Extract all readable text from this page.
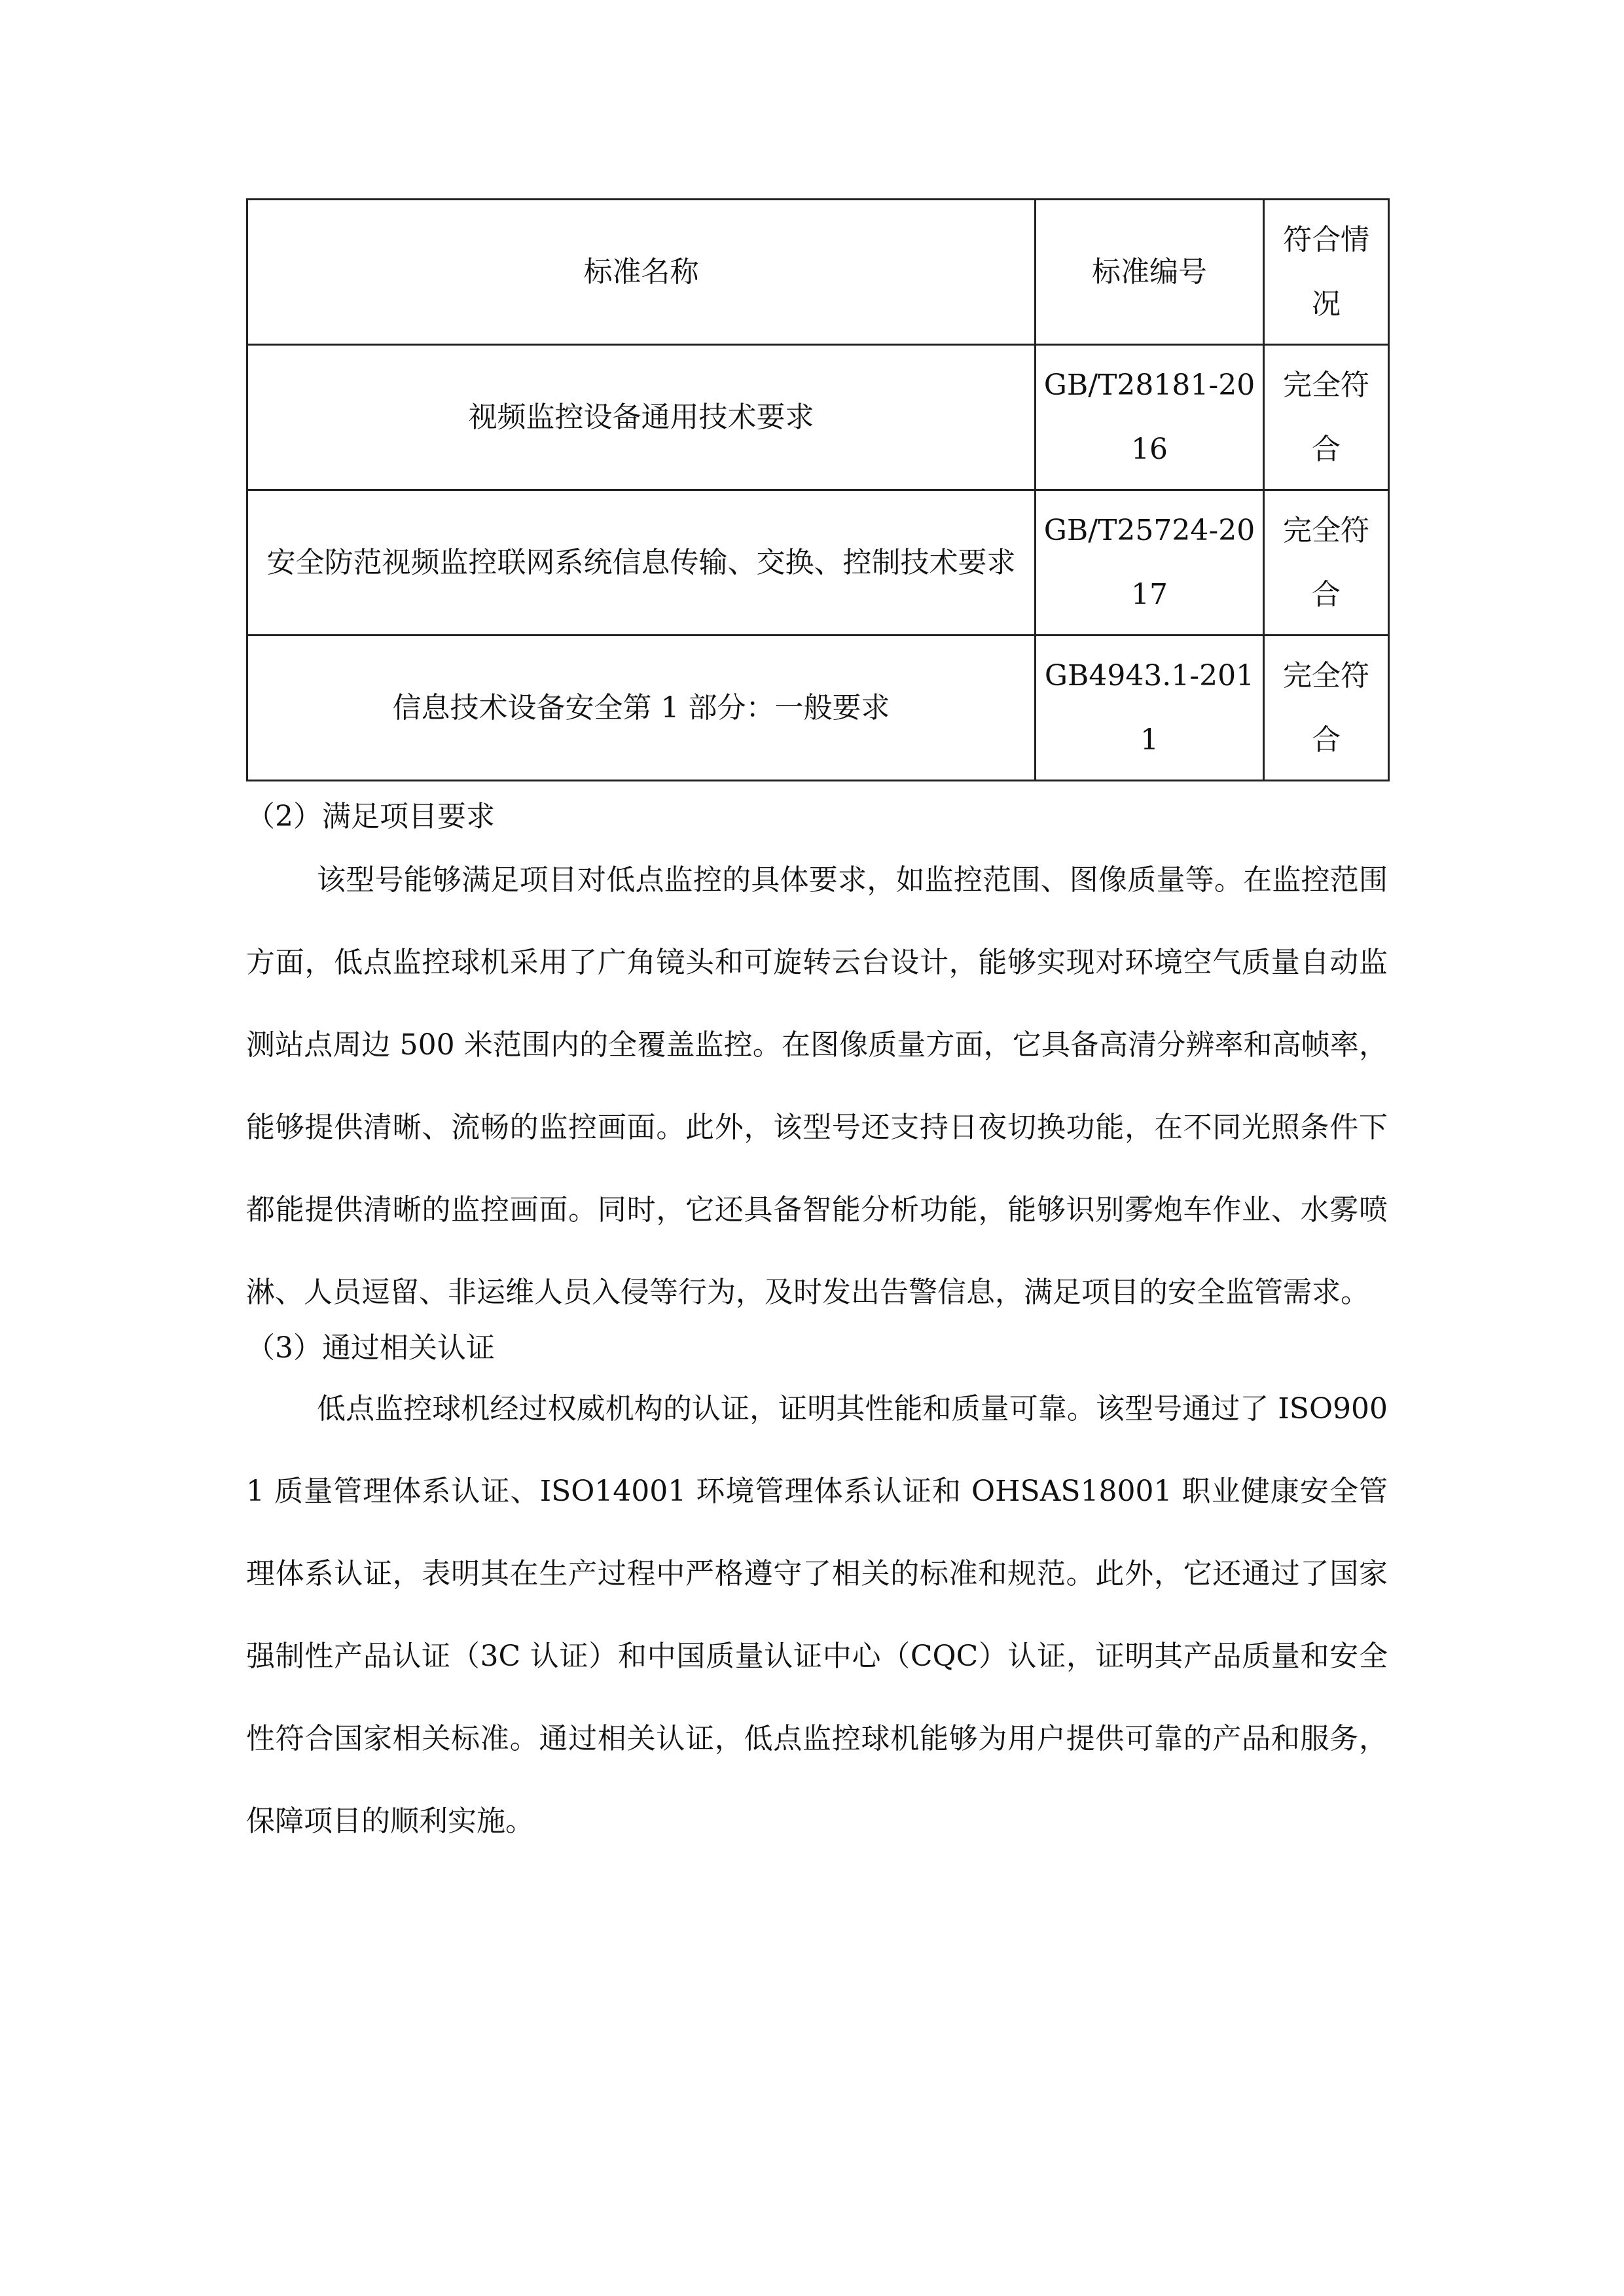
标准名称	标准编号	符合情况
视频监控设备通用技术要求	GB/T28181-2016	完全符合
安全防范视频监控联网系统信息传输、交换、控制技术要求	GB/T25724-2017	完全符合
信息技术设备安全第 1 部分：一般要求	GB4943.1-2011	完全符合

（2）满足项目要求

该型号能够满足项目对低点监控的具体要求，如监控范围、图像质量等。在监控范围方面，低点监控球机采用了广角镜头和可旋转云台设计，能够实现对环境空气质量自动监测站点周边 500 米范围内的全覆盖监控。在图像质量方面，它具备高清分辨率和高帧率，能够提供清晰、流畅的监控画面。此外，该型号还支持日夜切换功能，在不同光照条件下都能提供清晰的监控画面。同时，它还具备智能分析功能，能够识别雾炮车作业、水雾喷淋、人员逗留、非运维人员入侵等行为，及时发出告警信息，满足项目的安全监管需求。

（3）通过相关认证

低点监控球机经过权威机构的认证，证明其性能和质量可靠。该型号通过了 ISO9001 质量管理体系认证、ISO14001 环境管理体系认证和 OHSAS18001 职业健康安全管理体系认证，表明其在生产过程中严格遵守了相关的标准和规范。此外，它还通过了国家强制性产品认证（3C 认证）和中国质量认证中心（CQC）认证，证明其产品质量和安全性符合国家相关标准。通过相关认证，低点监控球机能够为用户提供可靠的产品和服务，保障项目的顺利实施。
